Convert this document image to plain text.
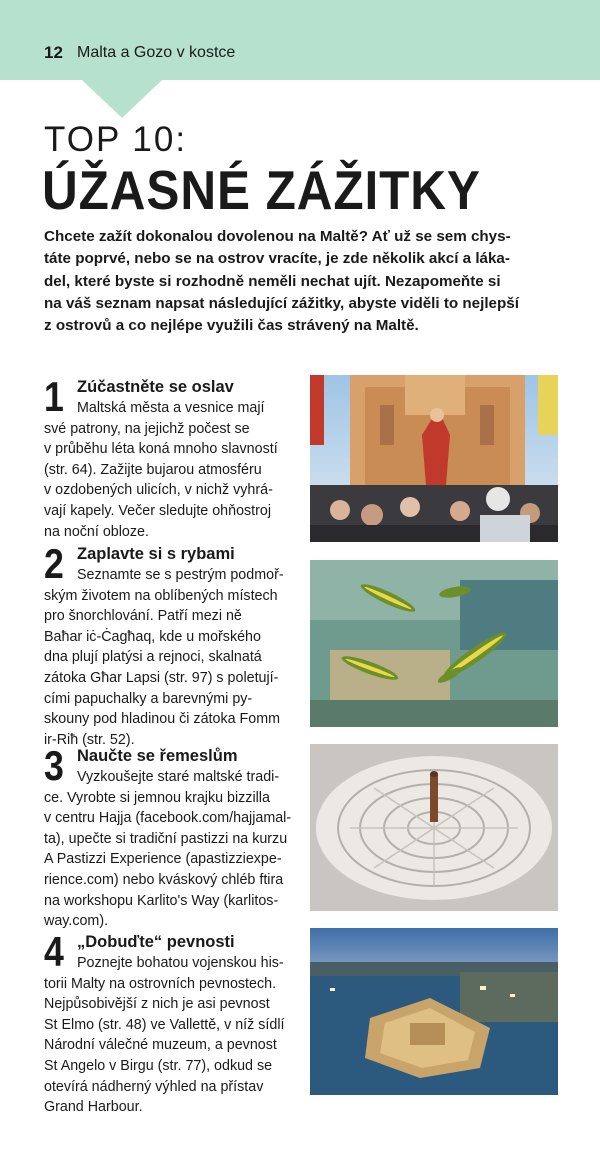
12 Malta a Gozo v kostce
TOP 10:
ÚŽASNÉ ZÁŽITKY
Chcete zažít dokonalou dovolenou na Maltě? Ať už se sem chys-
táte poprvé, nebo se na ostrov vracíte, je zde několik akcí a láka-
del, které byste si rozhodně neměli nechat ujít. Nezapomeňte si
na váš seznam napsat následující zážitky, abyste viděli to nejlepší
z ostrovů a co nejlépe využili čas strávený na Maltě.
1 Zúčastněte se oslav
Maltská města a vesnice mají
své patrony, na jejichž počest se
v průběhu léta koná mnoho slavností
(str. 64). Zažijte bujarou atmosféru
v ozdobených ulicích, v nichž vyhrá-
vají kapely. Večer sledujte ohňostroj
na noční obloze.
2 Zaplavte si s rybami
Seznamte se s pestrým podmoř-
ským životem na oblíbených místech
pro šnorchlování. Patří mezi ně
Baħar iċ-Ċagħaq, kde u mořského
dna plují platýsi a rejnoci, skalnatá
zátoka Għar Lapsi (str. 97) s poletují-
cími papuchalky a barevnými py-
skouny pod hladinou či zátoka Fomm
ir-Riħ (str. 52).
3 Naučte se řemeslům
Vyzkoušejte staré maltské tradi-
ce. Vyrobte si jemnou krajku bizzilla
v centru Hajja (facebook.com/hajjamal-
ta), upečte si tradiční pastizzi na kurzu
A Pastizzi Experience (apastizziexpe-
rience.com) nebo kváskový chléb ftira
na workshopu Karlito's Way (karlitos-
way.com).
4 „Dobuďte“ pevnosti
Poznejte bohatou vojenskou his-
torii Malty na ostrovních pevnostech.
Nejpůsobivější z nich je asi pevnost
St Elmo (str. 48) ve Vallettě, v níž sídlí
Národní válečné muzeum, a pevnost
St Angelo v Birgu (str. 77), odkud se
otevírá nádherný výhled na přístav
Grand Harbour.
